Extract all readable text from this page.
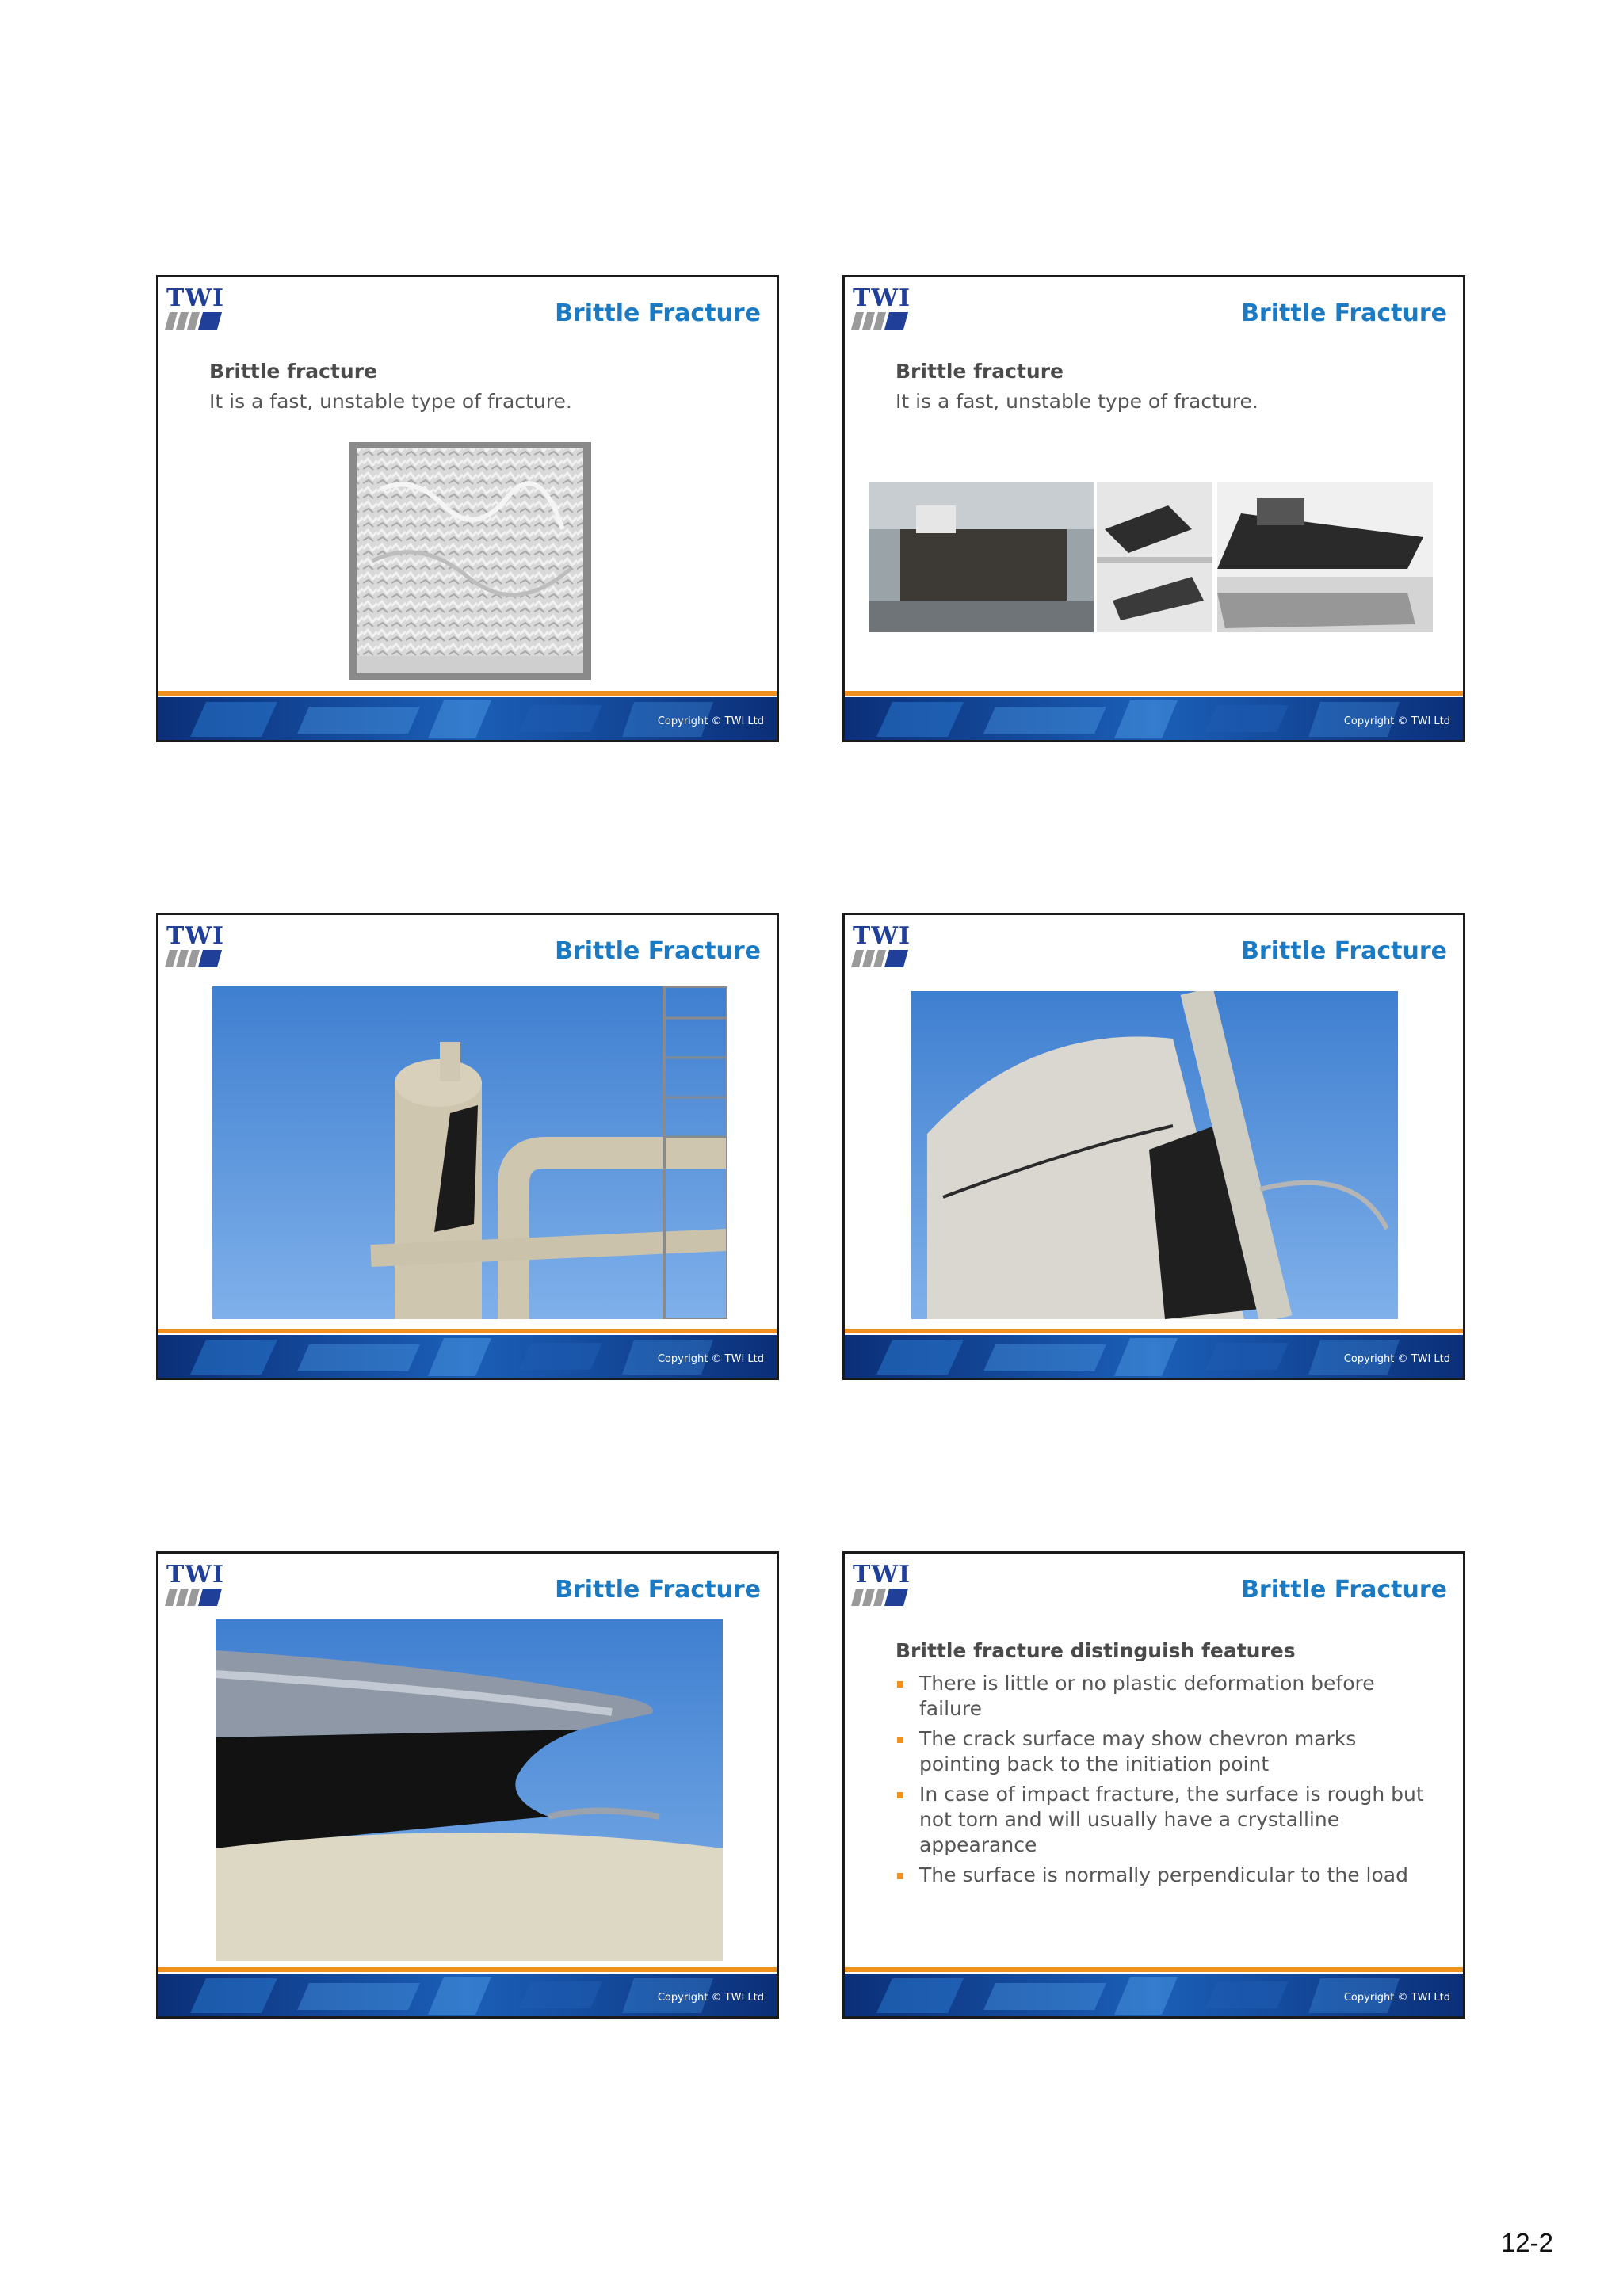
TWI
Brittle Fracture
Brittle fracture
It is a fast, unstable type of fracture.
Copyright © TWI Ltd
TWI
Brittle Fracture
Brittle fracture
It is a fast, unstable type of fracture.
Copyright © TWI Ltd
TWI
Brittle Fracture
Copyright © TWI Ltd
TWI
Brittle Fracture
Copyright © TWI Ltd
TWI
Brittle Fracture
Copyright © TWI Ltd
TWI
Brittle Fracture
Brittle fracture distinguish features
There is little or no plastic deformation before failure
The crack surface may show chevron marks pointing back to the initiation point
In case of impact fracture, the surface is rough but not torn and will usually have a crystalline appearance
The surface is normally perpendicular to the load
Copyright © TWI Ltd
12-2
